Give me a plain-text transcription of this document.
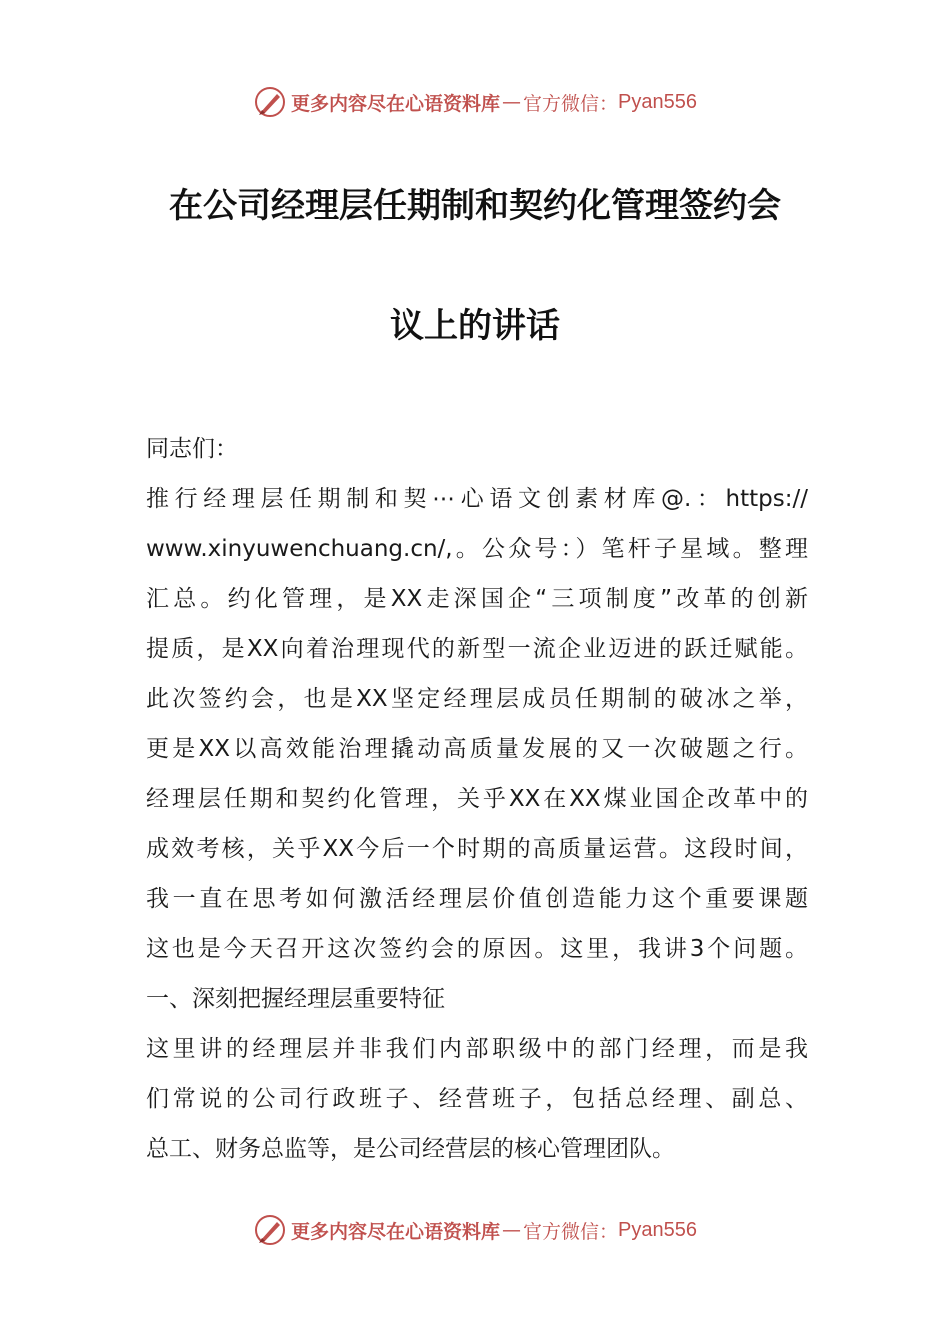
更多内容尽在心语资料库 — 官方微信： Pyan556
在公司经理层任期制和契约化管理签约会
议上的讲话
同志们：
推行经理层任期制和契⋯心语文创素材库@.：https://
www.xinyuwenchuang.cn/,。公众号：）笔杆子星域。整理
汇总。约化管理，是XX走深国企“三项制度”改革的创新
提质，是XX向着治理现代的新型一流企业迈进的跃迁赋能。
此次签约会，也是XX坚定经理层成员任期制的破冰之举，
更是XX以高效能治理撬动高质量发展的又一次破题之行。
经理层任期和契约化管理，关乎XX在XX煤业国企改革中的
成效考核，关乎XX今后一个时期的高质量运营。这段时间，
我一直在思考如何激活经理层价值创造能力这个重要课题
这也是今天召开这次签约会的原因。这里，我讲3个问题。
一、深刻把握经理层重要特征
这里讲的经理层并非我们内部职级中的部门经理，而是我
们常说的公司行政班子、经营班子，包括总经理、副总、
总工、财务总监等，是公司经营层的核心管理团队。
更多内容尽在心语资料库 — 官方微信： Pyan556
